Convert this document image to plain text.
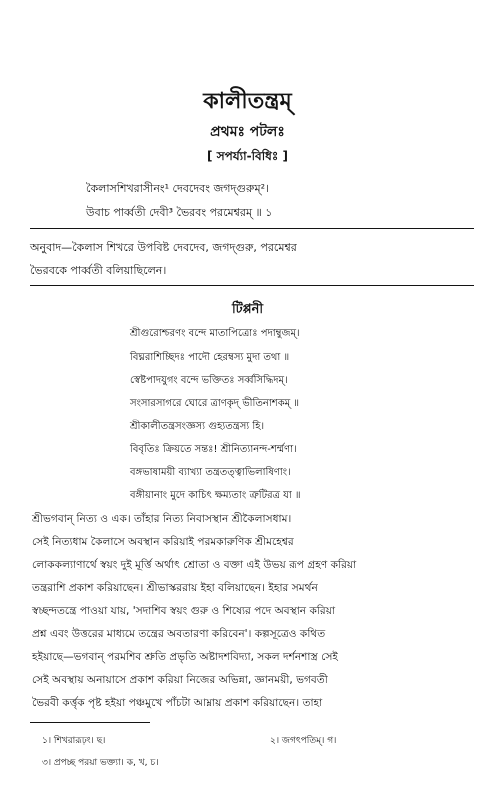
কালীতন্ত্রম্
প্রথমঃ পটলঃ
[ সপর্য্যা-বিধিঃ ]
কৈলাসশিখরাসীনং¹ দেবদেবং জগদ্‌গুরুম্²।
উবাচ পার্ব্বতী দেবী³ ভৈরবং পরমেশ্বরম্ ॥ ১
অনুবাদ—কৈলাস শিখরে উপবিষ্ট দেবদেব, জগদ্‌গুরু, পরমেশ্বর
ভৈরবকে পার্ব্বতী বলিয়াছিলেন।
টিপ্পনী
শ্রীগুরোশ্চরণং বন্দে মাতাপিত্রোঃ পদাম্বুজম্।
বিঘ্নরাশিচ্ছিদঃ পাদৌ হেরম্বস্য মুদা তথা ॥
স্বেষ্টপাদযুগং বন্দে ভক্তিতঃ সর্ব্বসিদ্ধিদম্।
সংসারসাগরে ঘোরে ত্রাণকৃদ্ ভীতিনাশকম্ ॥
শ্রীকালীতন্ত্রসংজ্ঞস্য গুহ্যতন্ত্রস্য হি।
বিবৃতিঃ ক্রিয়তে সন্তঃ! শ্রীনিত্যানন্দ-শর্ম্মণা।
বঙ্গভাষাময়ী ব্যাখ্যা তন্ত্রতত্ত্বাভিলাষিণাং।
বঙ্গীয়ানাং মুদে কাচিৎ ক্ষম্যতাং ত্রুটিরত্র যা ॥
শ্রীভগবান্ নিত্য ও এক। তাঁহার নিত্য নিবাসস্থান শ্রীকৈলাসধাম।
সেই নিত্যধাম কৈলাসে অবস্থান করিয়াই পরমকারুণিক শ্রীমহেশ্বর
লোককল্যাণার্থে স্বয়ং দুই মূর্ত্তি অর্থাৎ শ্রোতা ও বক্তা এই উভয় রূপ গ্রহণ করিয়া
তন্ত্ররাশি প্রকাশ করিয়াছেন। শ্রীভাস্কররায় ইহা বলিয়াছেন। ইহার সমর্থন
স্বচ্ছন্দতন্ত্রে পাওয়া যায়, 'সদাশিব স্বয়ং গুরু ও শিষ্যের পদে অবস্থান করিয়া
প্রশ্ন এবং উত্তরের মাধ্যমে তন্ত্রের অবতারণা করিবেন'। কল্পসূত্রেও কথিত
হইয়াছে—ভগবান্ পরমশিব শ্রুতি প্রভৃতি অষ্টাদশবিদ্যা, সকল দর্শনশাস্ত্র সেই
সেই অবস্থায় অনায়াসে প্রকাশ করিয়া নিজের অভিন্না, জ্ঞানময়ী, ভগবতী
ভৈরবী কর্ত্তৃক পৃষ্ট হইয়া পঞ্চমুখে পাঁচটা আম্নায় প্রকাশ করিয়াছেন। তাহা
১। শিখরারূঢ়ং। ছ।	২। জগৎপতিম্। গ।
৩। প্রপচ্ছ পরয়া ভক্ত্যা। ক, খ, চ।
